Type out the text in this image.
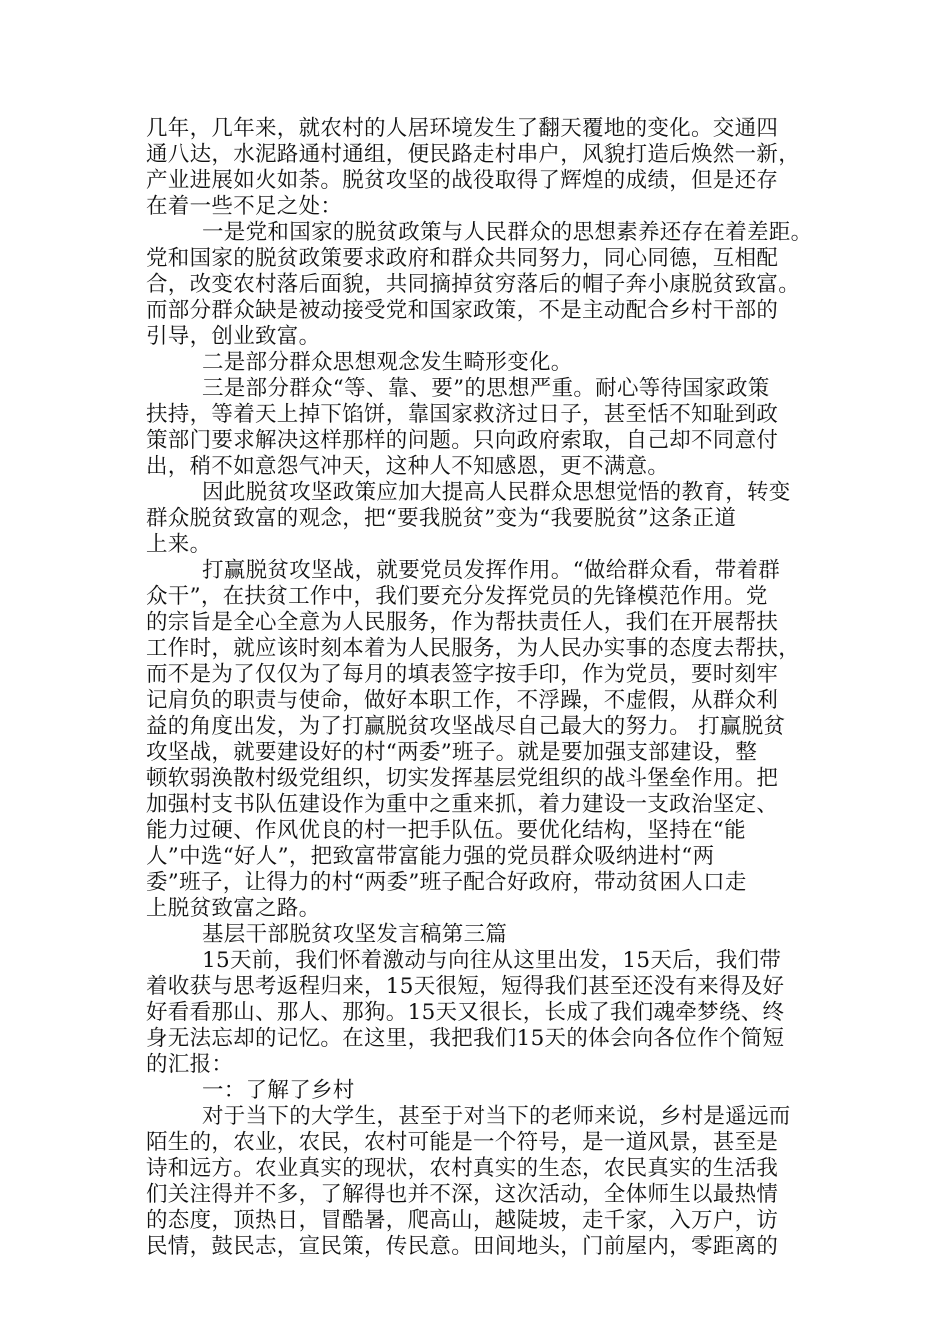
几年，几年来，就农村的人居环境发生了翻天覆地的变化。交通四
通八达，水泥路通村通组，便民路走村串户，风貌打造后焕然一新，
产业进展如火如荼。脱贫攻坚的战役取得了辉煌的成绩，但是还存
在着一些不足之处：
一是党和国家的脱贫政策与人民群众的思想素养还存在着差距。
党和国家的脱贫政策要求政府和群众共同努力，同心同德，互相配
合，改变农村落后面貌，共同摘掉贫穷落后的帽子奔小康脱贫致富。
而部分群众缺是被动接受党和国家政策，不是主动配合乡村干部的
引导，创业致富。
二是部分群众思想观念发生畸形变化。
三是部分群众“等、靠、要”的思想严重。耐心等待国家政策
扶持，等着天上掉下馅饼，靠国家救济过日子，甚至恬不知耻到政
策部门要求解决这样那样的问题。只向政府索取，自己却不同意付
出，稍不如意怨气冲天，这种人不知感恩，更不满意。
因此脱贫攻坚政策应加大提高人民群众思想觉悟的教育，转变
群众脱贫致富的观念，把“要我脱贫”变为“我要脱贫”这条正道
上来。
打赢脱贫攻坚战，就要党员发挥作用。“做给群众看，带着群
众干”，在扶贫工作中，我们要充分发挥党员的先锋模范作用。党
的宗旨是全心全意为人民服务，作为帮扶责任人，我们在开展帮扶
工作时，就应该时刻本着为人民服务，为人民办实事的态度去帮扶，
而不是为了仅仅为了每月的填表签字按手印，作为党员，要时刻牢
记肩负的职责与使命，做好本职工作，不浮躁，不虚假，从群众利
益的角度出发，为了打赢脱贫攻坚战尽自己最大的努力。 打赢脱贫
攻坚战，就要建设好的村“两委”班子。就是要加强支部建设，整
顿软弱涣散村级党组织，切实发挥基层党组织的战斗堡垒作用。把
加强村支书队伍建设作为重中之重来抓，着力建设一支政治坚定、
能力过硬、作风优良的村一把手队伍。要优化结构，坚持在“能
人”中选“好人”，把致富带富能力强的党员群众吸纳进村“两
委”班子，让得力的村“两委”班子配合好政府，带动贫困人口走
上脱贫致富之路。
基层干部脱贫攻坚发言稿第三篇
15天前，我们怀着激动与向往从这里出发，15天后，我们带
着收获与思考返程归来，15天很短，短得我们甚至还没有来得及好
好看看那山、那人、那狗。15天又很长，长成了我们魂牵梦绕、终
身无法忘却的记忆。在这里，我把我们15天的体会向各位作个简短
的汇报：
一：了解了乡村
对于当下的大学生，甚至于对当下的老师来说，乡村是遥远而
陌生的，农业，农民，农村可能是一个符号，是一道风景，甚至是
诗和远方。农业真实的现状，农村真实的生态，农民真实的生活我
们关注得并不多，了解得也并不深，这次活动，全体师生以最热情
的态度，顶热日，冒酷暑，爬高山，越陡坡，走千家，入万户，访
民情，鼓民志，宣民策，传民意。田间地头，门前屋内，零距离的
